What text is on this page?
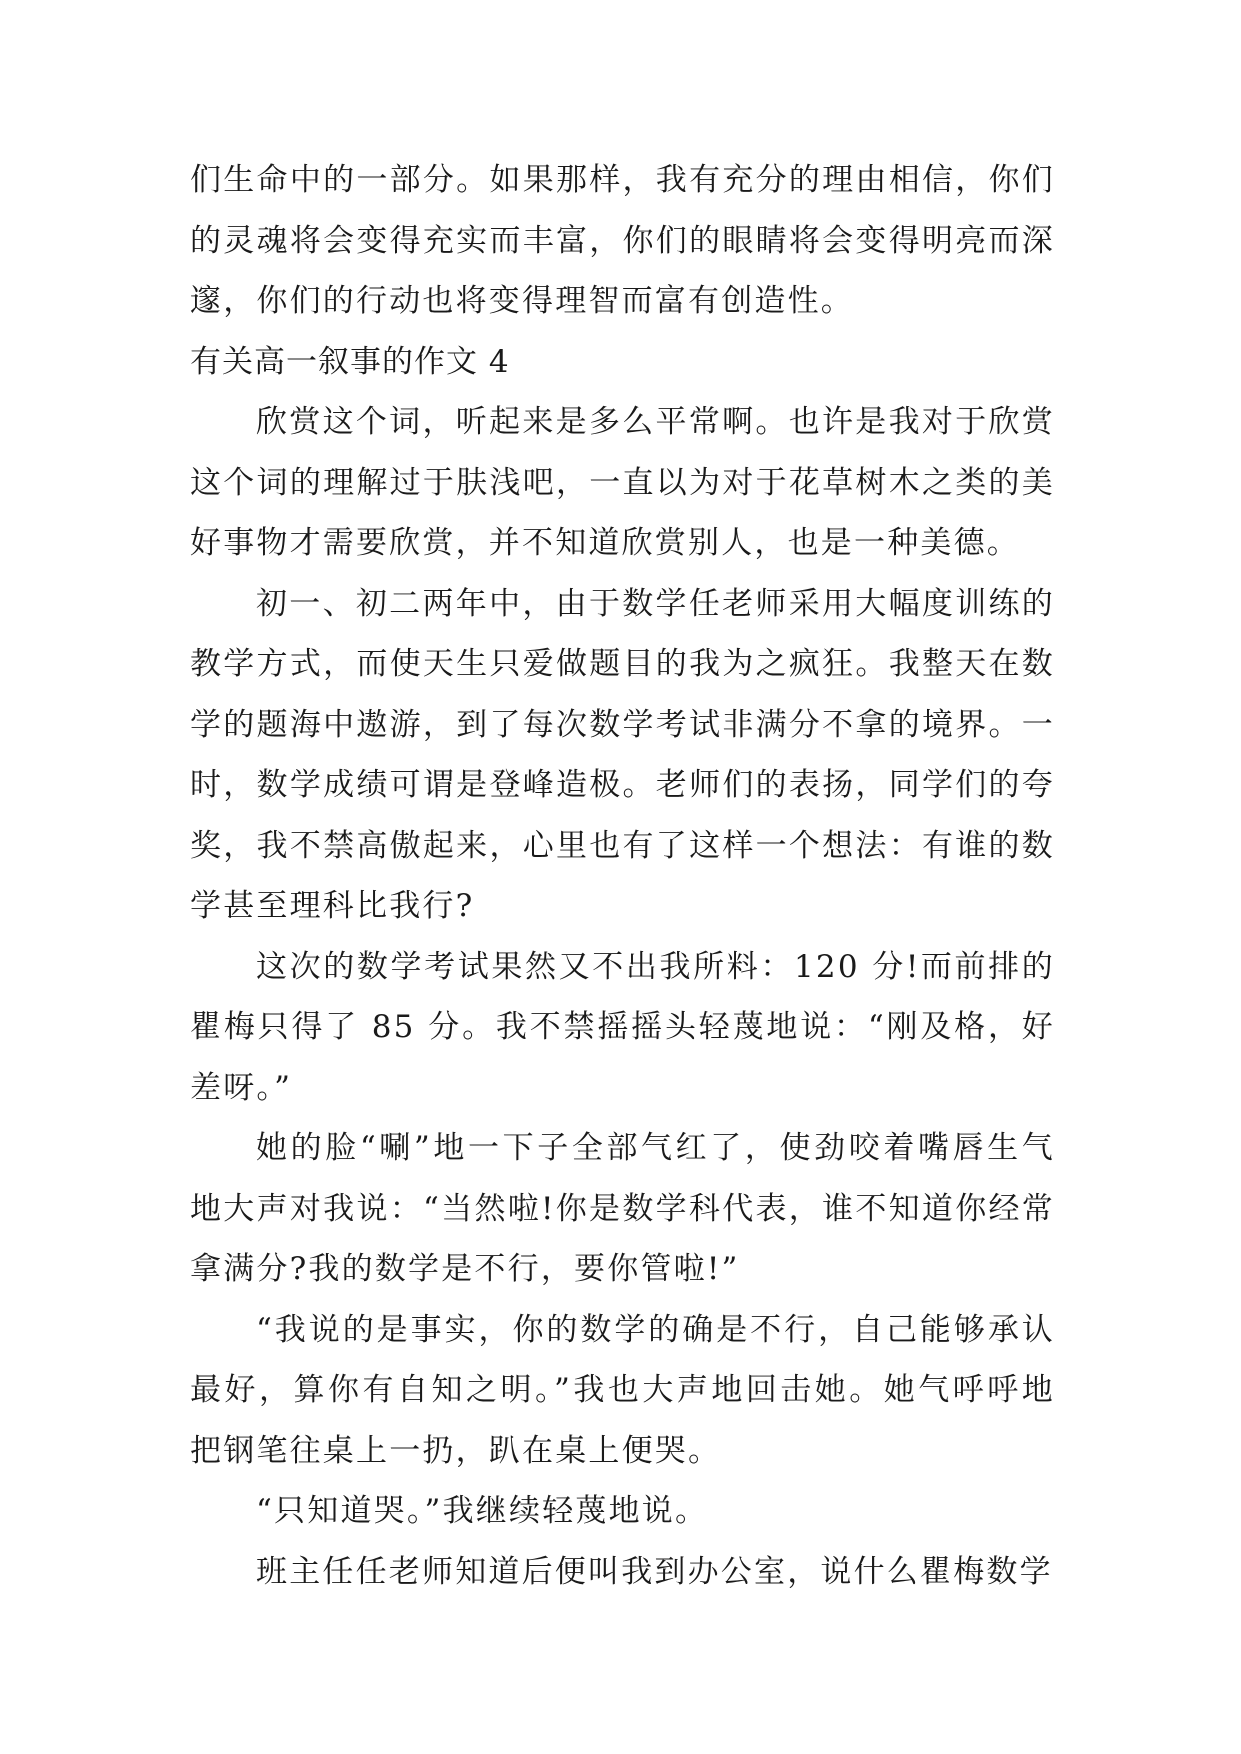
们生命中的一部分。如果那样，我有充分的理由相信，你们的灵魂将会变得充实而丰富，你们的眼睛将会变得明亮而深邃，你们的行动也将变得理智而富有创造性。

有关高一叙事的作文 4

欣赏这个词，听起来是多么平常啊。也许是我对于欣赏这个词的理解过于肤浅吧，一直以为对于花草树木之类的美好事物才需要欣赏，并不知道欣赏别人，也是一种美德。

初一、初二两年中，由于数学任老师采用大幅度训练的教学方式，而使天生只爱做题目的我为之疯狂。我整天在数学的题海中遨游，到了每次数学考试非满分不拿的境界。一时，数学成绩可谓是登峰造极。老师们的表扬，同学们的夸奖，我不禁高傲起来，心里也有了这样一个想法：有谁的数学甚至理科比我行?

这次的数学考试果然又不出我所料：120 分!而前排的瞿梅只得了 85 分。我不禁摇摇头轻蔑地说：“刚及格，好差呀。”

她的脸“唰”地一下子全部气红了，使劲咬着嘴唇生气地大声对我说：“当然啦!你是数学科代表，谁不知道你经常拿满分?我的数学是不行，要你管啦!”

“我说的是事实，你的数学的确是不行，自己能够承认最好，算你有自知之明。”我也大声地回击她。她气呼呼地把钢笔往桌上一扔，趴在桌上便哭。

“只知道哭。”我继续轻蔑地说。

班主任任老师知道后便叫我到办公室，说什么瞿梅数学
